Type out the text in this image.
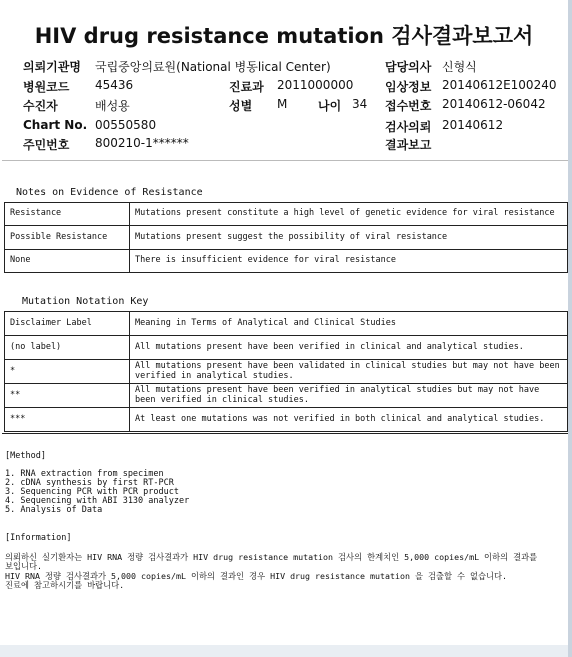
HIV drug resistance mutation 검사결과보고서
의뢰기관명 국립중앙의료원(National 병동lical Center)	담당의사 신형식
병원코드 45436	진료과 2011000000	임상정보 20140612E100240
수진자	배성용	성별 M	나이 34 접수번호 20140612-06042
Chart No. 00550580	검사의뢰 20140612
주민번호 800210-1******	결과보고
Notes on Evidence of Resistance
Resistance	Mutations present constitute a high level of genetic evidence for viral resistance
Possible Resistance	Mutations present suggest the possibility of viral resistance
None	There is insufficient evidence for viral resistance
Mutation Notation Key
Disclaimer Label	Meaning in Terms of Analytical and Clinical Studies
(no label)	All mutations present have been verified in clinical and analytical studies.
*	All mutations present have been validated in clinical studies but may not have been verified in analytical studies.
**	All mutations present have been verified in analytical studies but may not have been verified in clinical studies.
***	At least one mutations was not verified in both clinical and analytical studies.
[Method]
1. RNA extraction from specimen
2. cDNA synthesis by first RT-PCR
3. Sequencing PCR with PCR product
4. Sequencing with ABI 3130 analyzer
5. Analysis of Data
[Information]
의뢰하신 실기환자는 HIV RNA 정량 검사결과가 HIV drug resistance mutation 검사의 한계치인 5,000 copies/mL 이하의 결과를
보입니다.
HIV RNA 정량 검사결과가 5,000 copies/mL 이하의 결과인 경우 HIV drug resistance mutation 을 검출할 수 없습니다.
진료에 참고하시기를 바랍니다.
